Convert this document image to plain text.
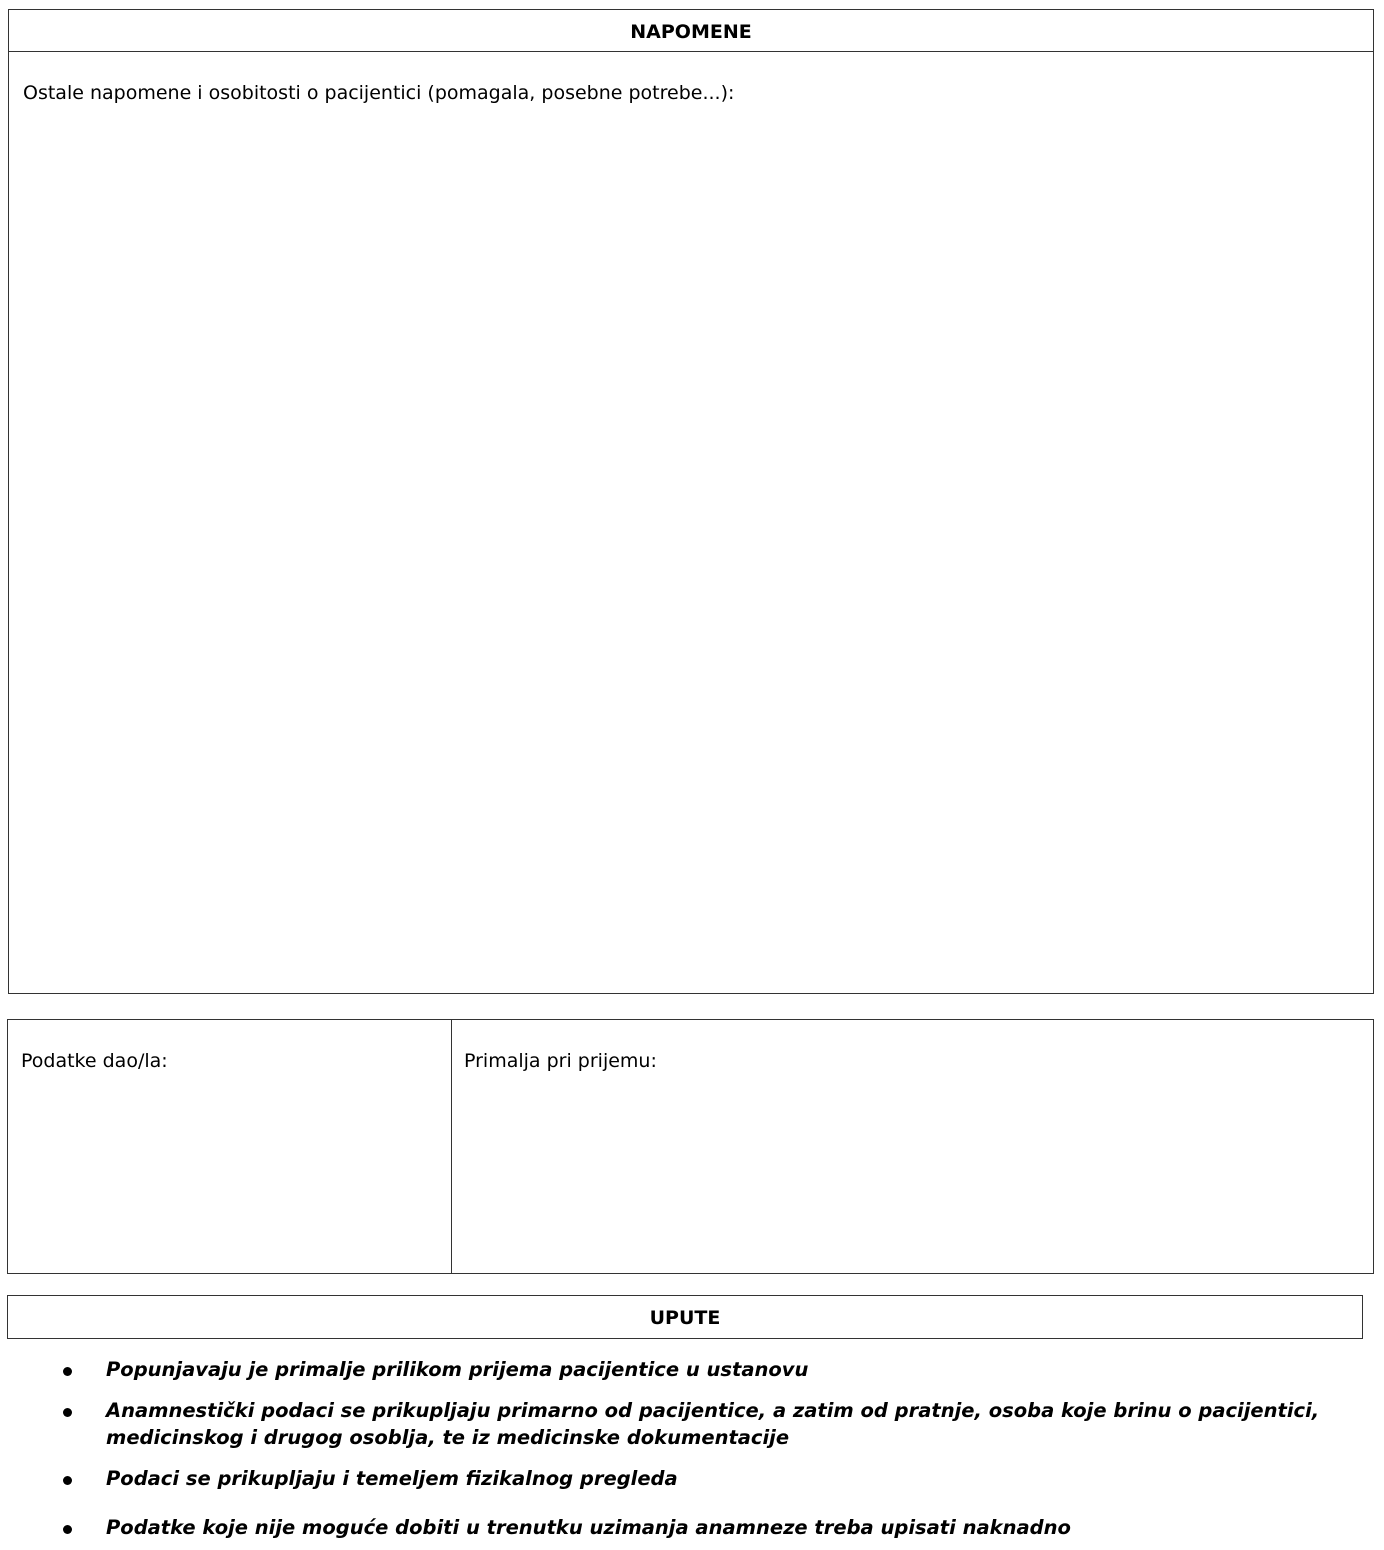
NAPOMENE
Ostale napomene i osobitosti o pacijentici (pomagala, posebne potrebe...):
Podatke dao/la:	Primalja pri prijemu:
UPUTE
Popunjavaju je primalje prilikom prijema pacijentice u ustanovu
Anamnestički podaci se prikupljaju primarno od pacijentice, a zatim od pratnje, osoba koje brinu o pacijentici, medicinskog i drugog osoblja, te iz medicinske dokumentacije
Podaci se prikupljaju i temeljem fizikalnog pregleda
Podatke koje nije moguće dobiti u trenutku uzimanja anamneze treba upisati naknadno
